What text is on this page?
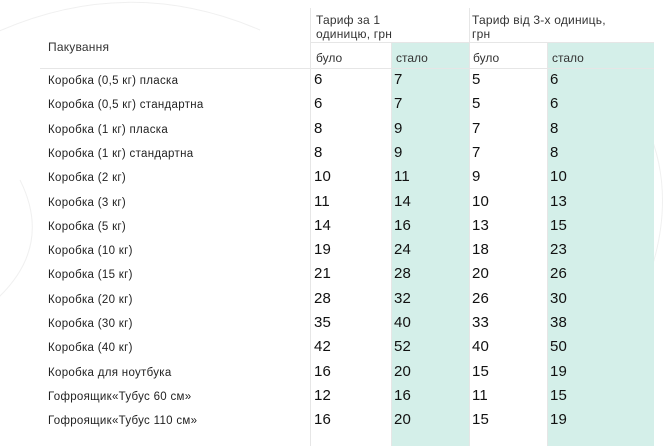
Пакування
Тариф за 1 одиницю, грн
Тариф від 3-х одиниць, грн
було	стало	було	стало
Коробка (0,5 кг) пласка	6	7	5	6
Коробка (0,5 кг) стандартна	6	7	5	6
Коробка (1 кг) пласка	8	9	7	8
Коробка (1 кг) стандартна	8	9	7	8
Коробка (2 кг)	10	11	9	10
Коробка (3 кг)	11	14	10	13
Коробка (5 кг)	14	16	13	15
Коробка (10 кг)	19	24	18	23
Коробка (15 кг)	21	28	20	26
Коробка (20 кг)	28	32	26	30
Коробка (30 кг)	35	40	33	38
Коробка (40 кг)	42	52	40	50
Коробка для ноутбука	16	20	15	19
Гофроящик«Тубус 60 см»	12	16	11	15
Гофроящик«Тубус 110 см»	16	20	15	19
